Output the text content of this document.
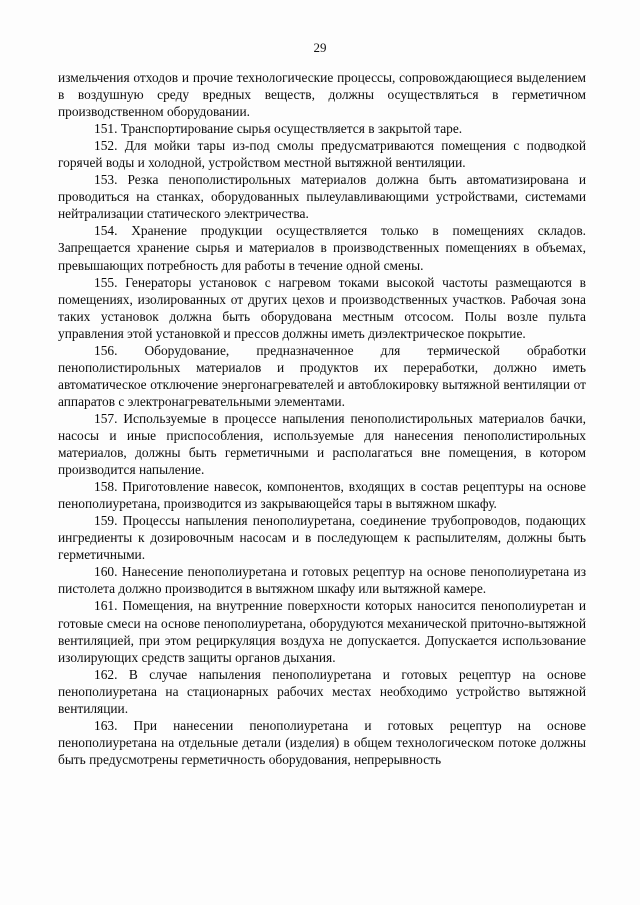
29

измельчения отходов и прочие технологические процессы, сопровождающиеся выделением в воздушную среду вредных веществ, должны осуществляться в герметичном производственном оборудовании.

151. Транспортирование сырья осуществляется в закрытой таре.

152. Для мойки тары из-под смолы предусматриваются помещения с подводкой горячей воды и холодной, устройством местной вытяжной вентиляции.

153. Резка пенополистирольных материалов должна быть автоматизирована и проводиться на станках, оборудованных пылеулавливающими устройствами, системами нейтрализации статического электричества.

154. Хранение продукции осуществляется только в помещениях складов. Запрещается хранение сырья и материалов в производственных помещениях в объемах, превышающих потребность для работы в течение одной смены.

155. Генераторы установок с нагревом токами высокой частоты размещаются в помещениях, изолированных от других цехов и производственных участков. Рабочая зона таких установок должна быть оборудована местным отсосом. Полы возле пульта управления этой установкой и прессов должны иметь диэлектрическое покрытие.

156. Оборудование, предназначенное для термической обработки пенополистирольных материалов и продуктов их переработки, должно иметь автоматическое отключение энергонагревателей и автоблокировку вытяжной вентиляции от аппаратов с электронагревательными элементами.

157. Используемые в процессе напыления пенополистирольных материалов бачки, насосы и иные приспособления, используемые для нанесения пенополистирольных материалов, должны быть герметичными и располагаться вне помещения, в котором производится напыление.

158. Приготовление навесок, компонентов, входящих в состав рецептуры на основе пенополиуретана, производится из закрывающейся тары в вытяжном шкафу.

159. Процессы напыления пенополиуретана, соединение трубопроводов, подающих ингредиенты к дозировочным насосам и в последующем к распылителям, должны быть герметичными.

160. Нанесение пенополиуретана и готовых рецептур на основе пенополиуретана из пистолета должно производится в вытяжном шкафу или вытяжной камере.

161. Помещения, на внутренние поверхности которых наносится пенополиуретан и готовые смеси на основе пенополиуретана, оборудуются механической приточно-вытяжной вентиляцией, при этом рециркуляция воздуха не допускается. Допускается использование изолирующих средств защиты органов дыхания.

162. В случае напыления пенополиуретана и готовых рецептур на основе пенополиуретана на стационарных рабочих местах необходимо устройство вытяжной вентиляции.

163. При нанесении пенополиуретана и готовых рецептур на основе пенополиуретана на отдельные детали (изделия) в общем технологическом потоке должны быть предусмотрены герметичность оборудования, непрерывность
